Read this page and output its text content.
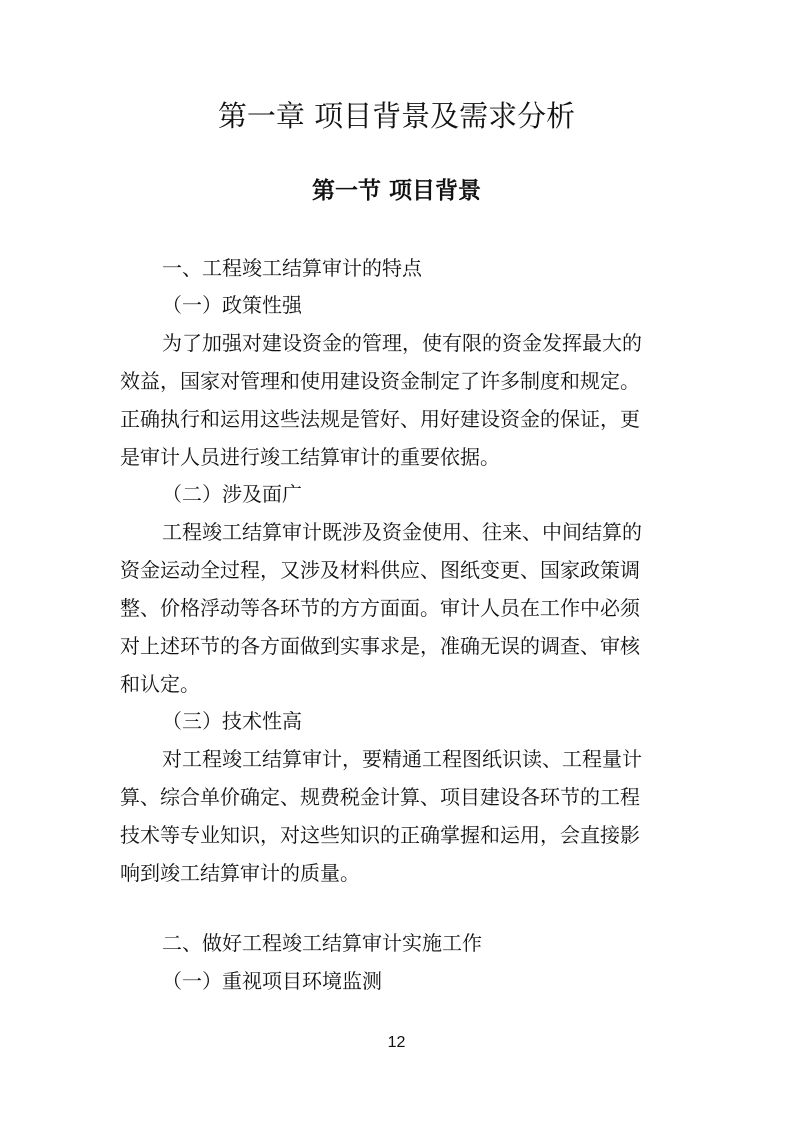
第一章 项目背景及需求分析
第一节 项目背景

一、工程竣工结算审计的特点

（一）政策性强

为了加强对建设资金的管理，使有限的资金发挥最大的

效益，国家对管理和使用建设资金制定了许多制度和规定。

正确执行和运用这些法规是管好、用好建设资金的保证，更

是审计人员进行竣工结算审计的重要依据。

（二）涉及面广

工程竣工结算审计既涉及资金使用、往来、中间结算的

资金运动全过程，又涉及材料供应、图纸变更、国家政策调

整、价格浮动等各环节的方方面面。审计人员在工作中必须

对上述环节的各方面做到实事求是，准确无误的调查、审核

和认定。

（三）技术性高

对工程竣工结算审计，要精通工程图纸识读、工程量计

算、综合单价确定、规费税金计算、项目建设各环节的工程

技术等专业知识，对这些知识的正确掌握和运用，会直接影

响到竣工结算审计的质量。

二、做好工程竣工结算审计实施工作

（一）重视项目环境监测

12
